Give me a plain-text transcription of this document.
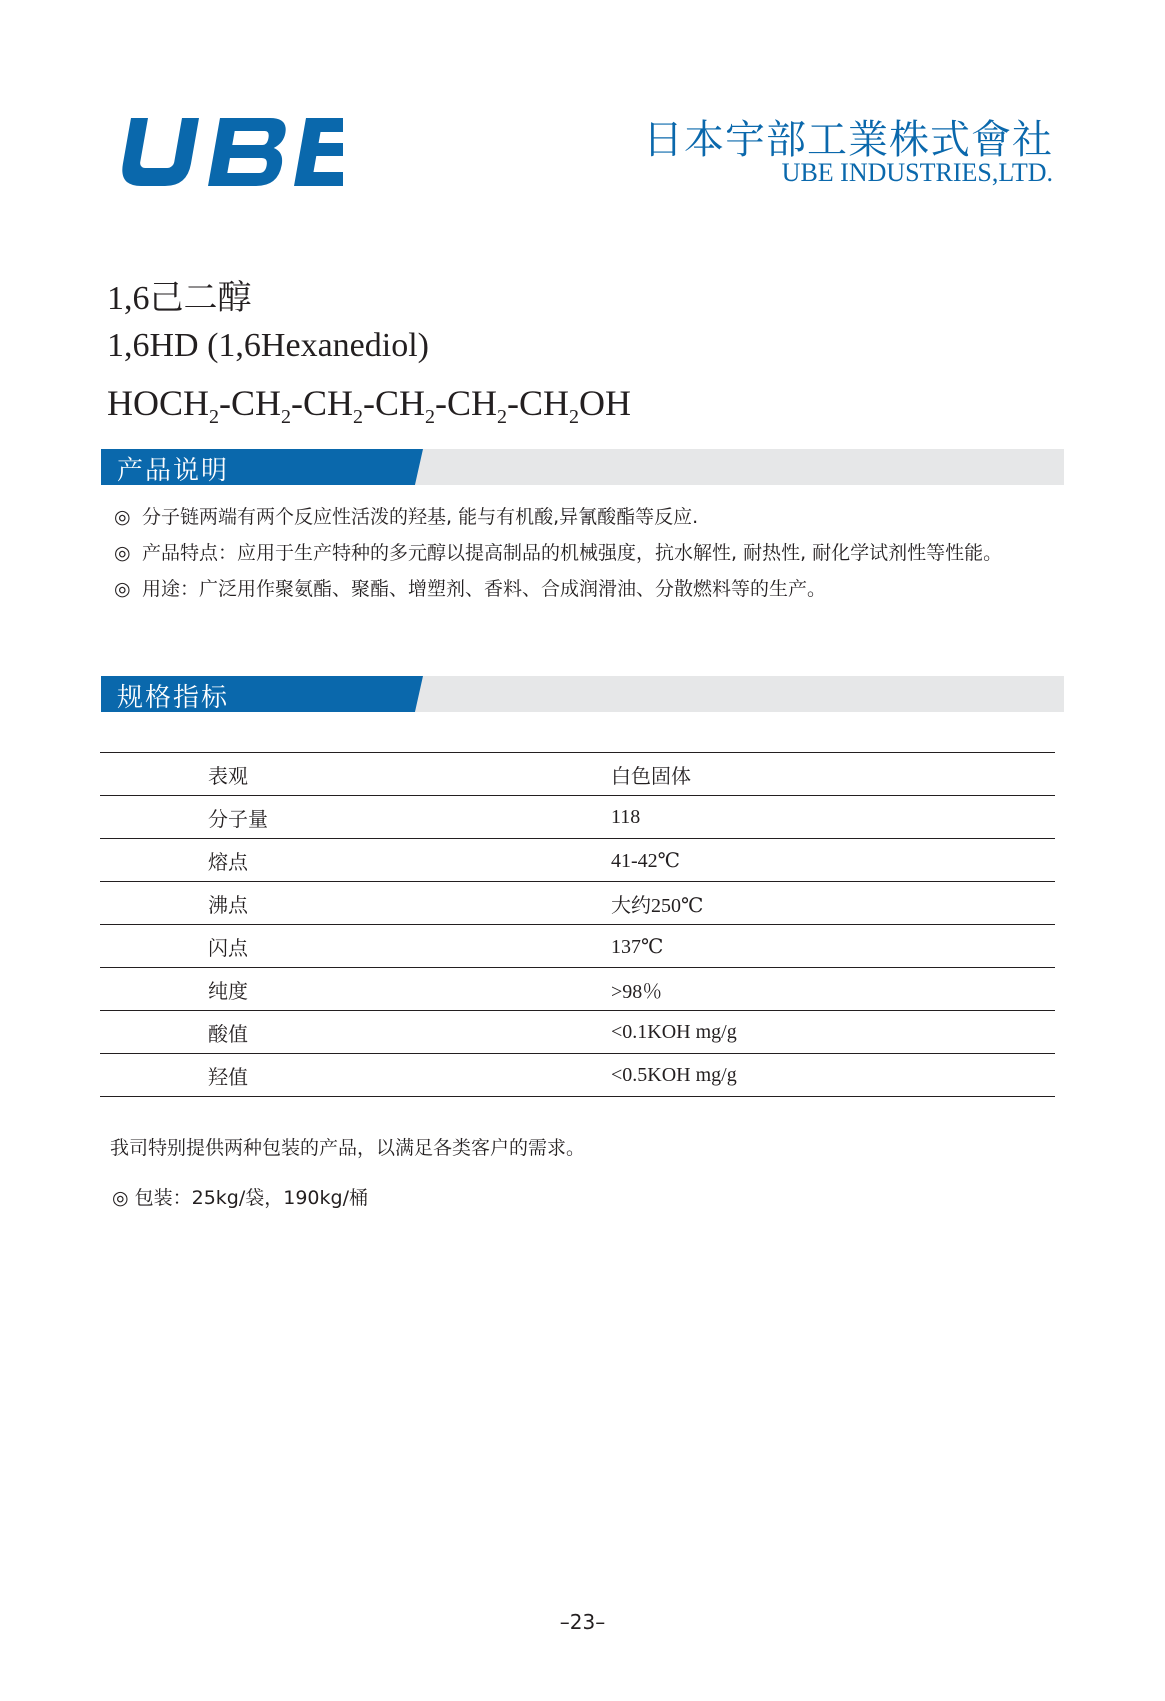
日本宇部工業株式會社
UBE INDUSTRIES,LTD.
1,6己二醇
1,6HD (1,6Hexanediol)
$HOCH_2-CH_2-CH_2-CH_2-CH_2-CH_2OH$
产品说明
◎ 分子链两端有两个反应性活泼的羟基, 能与有机酸,异氰酸酯等反应.
◎ 产品特点：应用于生产特种的多元醇以提高制品的机械强度，抗水解性, 耐热性, 耐化学试剂性等性能。
◎ 用途：广泛用作聚氨酯、聚酯、增塑剂、香料、合成润滑油、分散燃料等的生产。
规格指标
	表观	白色固体
	分子量	118
	熔点	41-42℃
	沸点	大约250℃
	闪点	137℃
	纯度	>98％
	酸值	<0.1KOH mg/g
	羟值	<0.5KOH mg/g
我司特别提供两种包装的产品，以满足各类客户的需求。
◎ 包装：25kg/袋，190kg/桶
–23–
